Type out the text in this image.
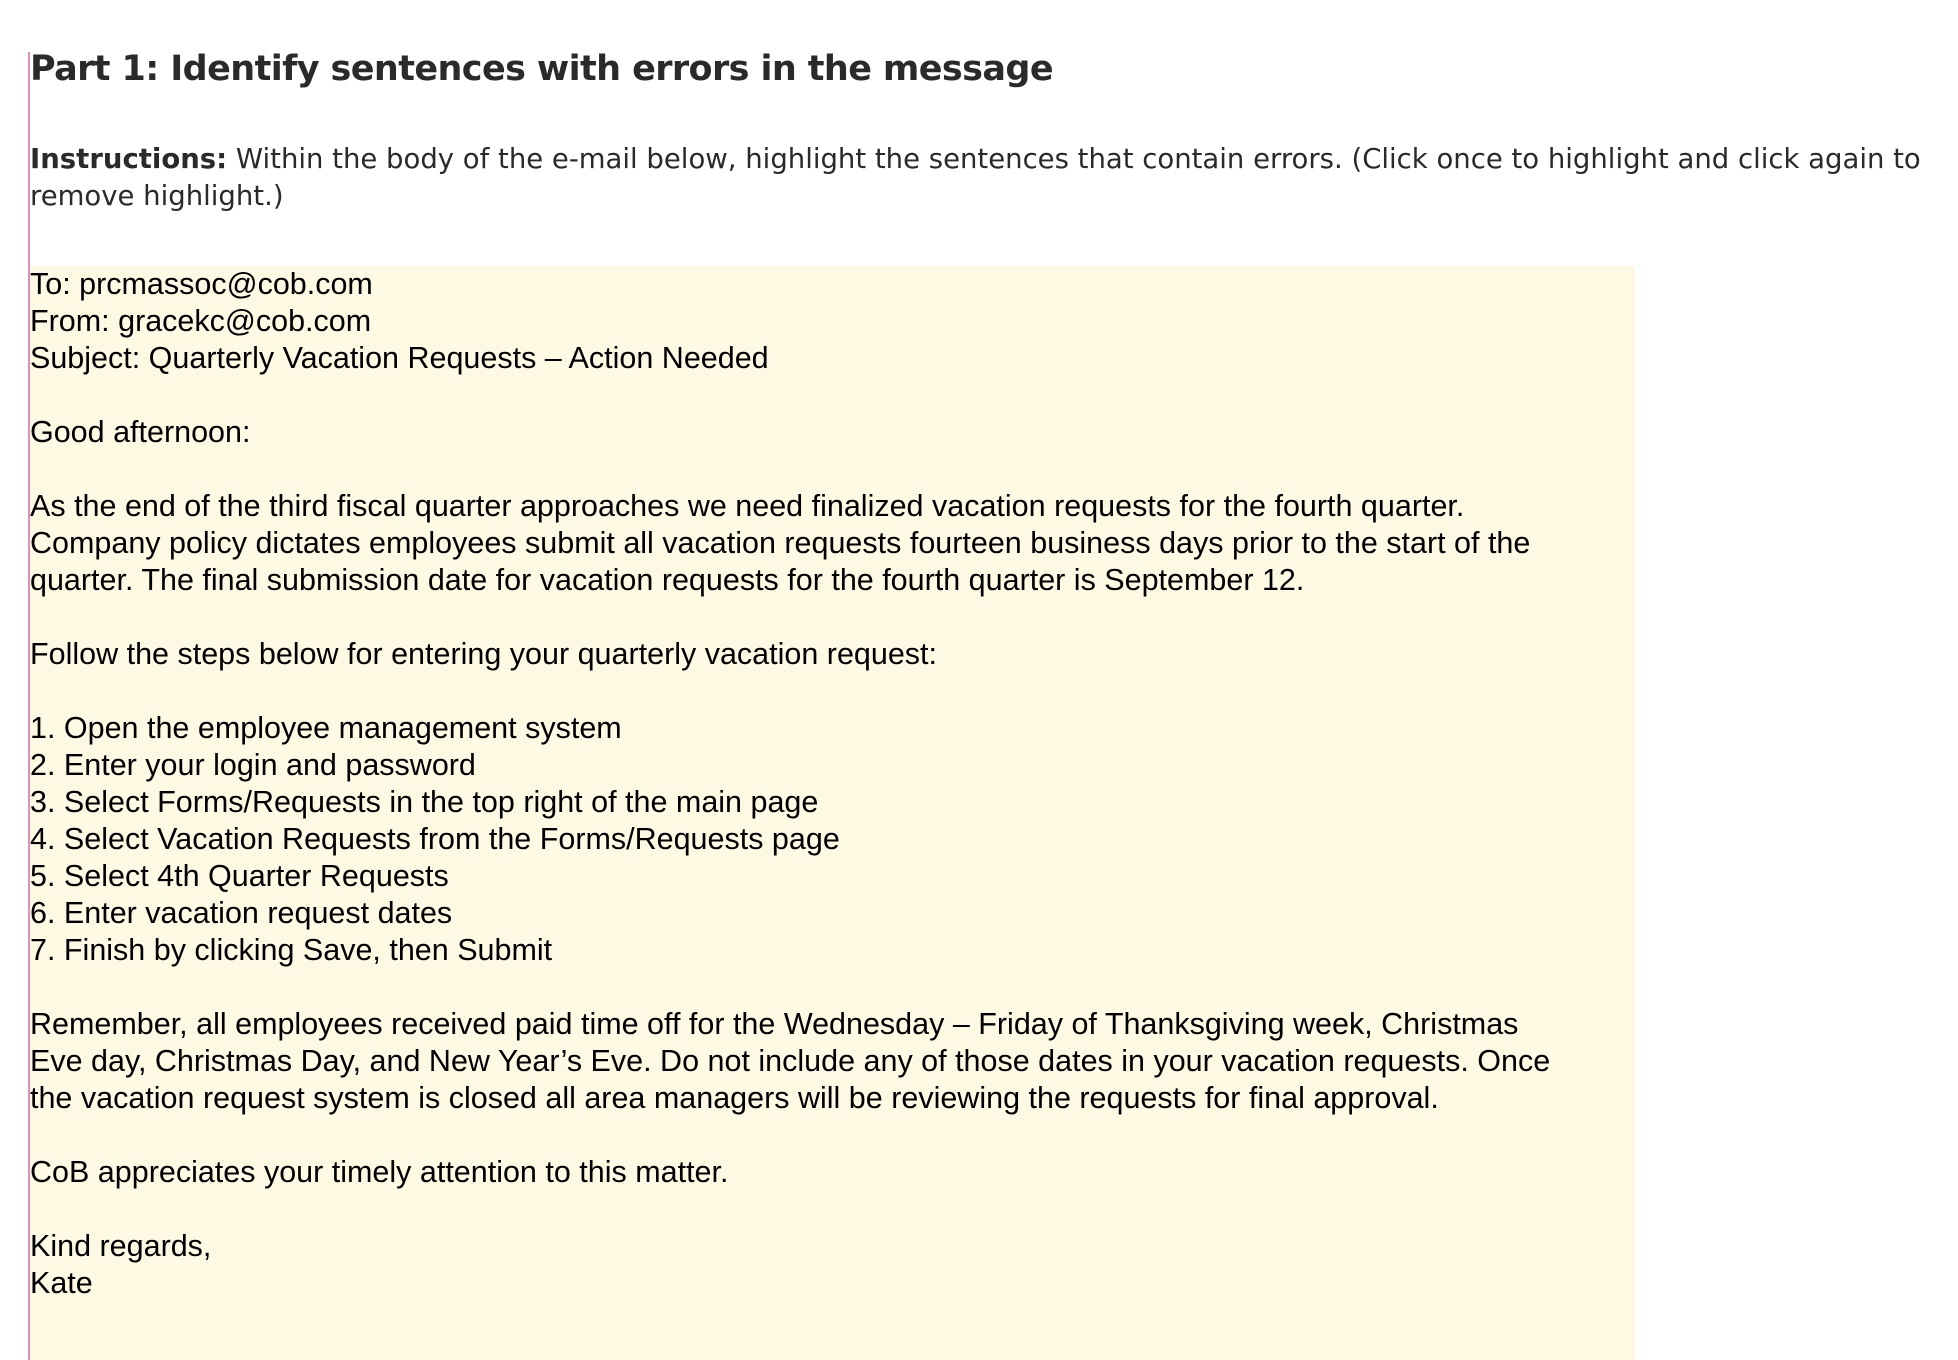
Part 1: Identify sentences with errors in the message

Instructions: Within the body of the e-mail below, highlight the sentences that contain errors. (Click once to highlight and click again to remove highlight.)

To: prcmassoc@cob.com
From: gracekc@cob.com
Subject: Quarterly Vacation Requests – Action Needed
Good afternoon:
As the end of the third fiscal quarter approaches we need finalized vacation requests for the fourth quarter.
Company policy dictates employees submit all vacation requests fourteen business days prior to the start of the
quarter. The final submission date for vacation requests for the fourth quarter is September 12.
Follow the steps below for entering your quarterly vacation request:
1. Open the employee management system
2. Enter your login and password
3. Select Forms/Requests in the top right of the main page
4. Select Vacation Requests from the Forms/Requests page
5. Select 4th Quarter Requests
6. Enter vacation request dates
7. Finish by clicking Save, then Submit
Remember, all employees received paid time off for the Wednesday – Friday of Thanksgiving week, Christmas
Eve day, Christmas Day, and New Year’s Eve. Do not include any of those dates in your vacation requests. Once
the vacation request system is closed all area managers will be reviewing the requests for final approval.
CoB appreciates your timely attention to this matter.
Kind regards,
Kate
